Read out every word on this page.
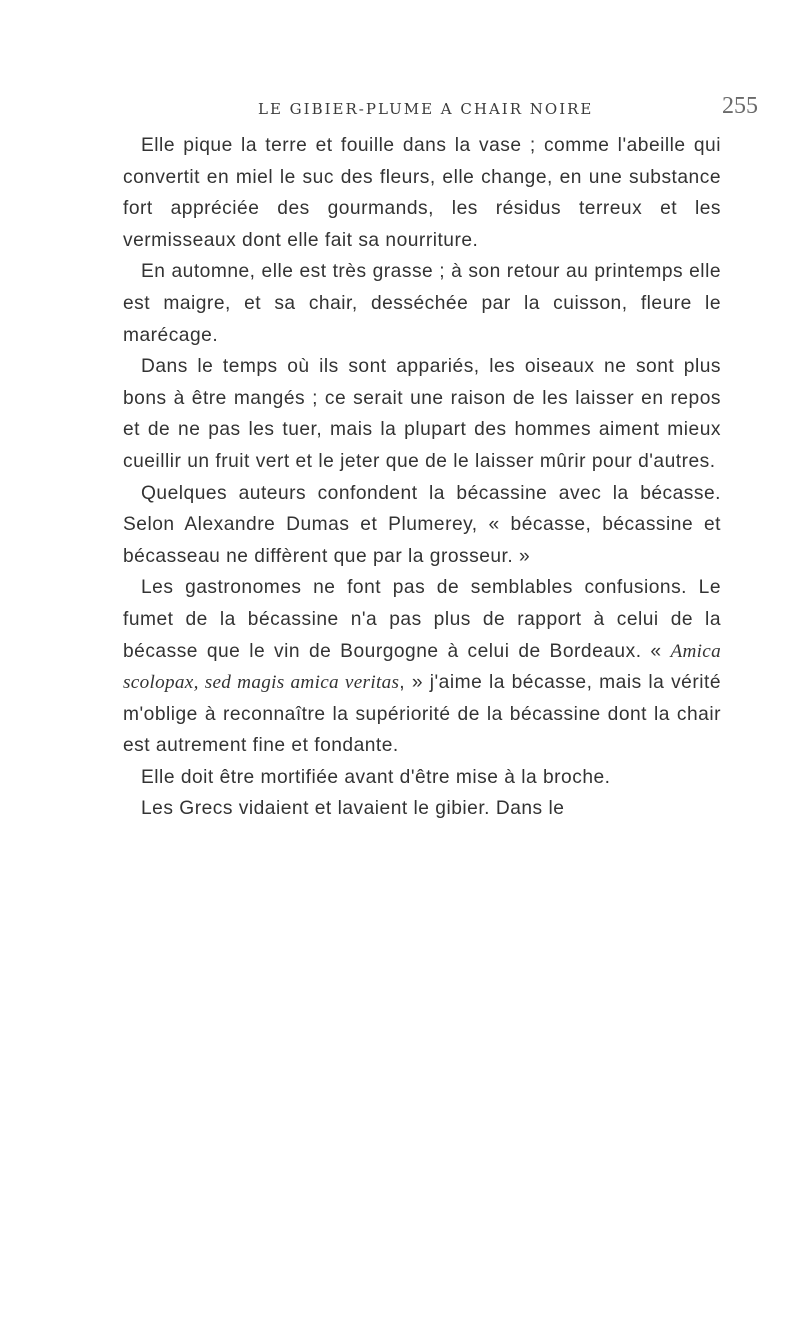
LE GIBIER-PLUME A CHAIR NOIRE	255

Elle pique la terre et fouille dans la vase ; comme l'abeille qui convertit en miel le suc des fleurs, elle change, en une substance fort appréciée des gourmands, les résidus terreux et les vermisseaux dont elle fait sa nourriture.

En automne, elle est très grasse ; à son retour au printemps elle est maigre, et sa chair, desséchée par la cuisson, fleure le marécage.

Dans le temps où ils sont appariés, les oiseaux ne sont plus bons à être mangés ; ce serait une raison de les laisser en repos et de ne pas les tuer, mais la plupart des hommes aiment mieux cueillir un fruit vert et le jeter que de le laisser mûrir pour d'autres.

Quelques auteurs confondent la bécassine avec la bécasse. Selon Alexandre Dumas et Plumerey, « bécasse, bécassine et bécasseau ne diffèrent que par la grosseur. »

Les gastronomes ne font pas de semblables confusions. Le fumet de la bécassine n'a pas plus de rapport à celui de la bécasse que le vin de Bourgogne à celui de Bordeaux. « Amica scolopax, sed magis amica veritas, » j'aime la bécasse, mais la vérité m'oblige à reconnaître la supériorité de la bécassine dont la chair est autrement fine et fondante.

Elle doit être mortifiée avant d'être mise à la broche.

Les Grecs vidaient et lavaient le gibier. Dans le
